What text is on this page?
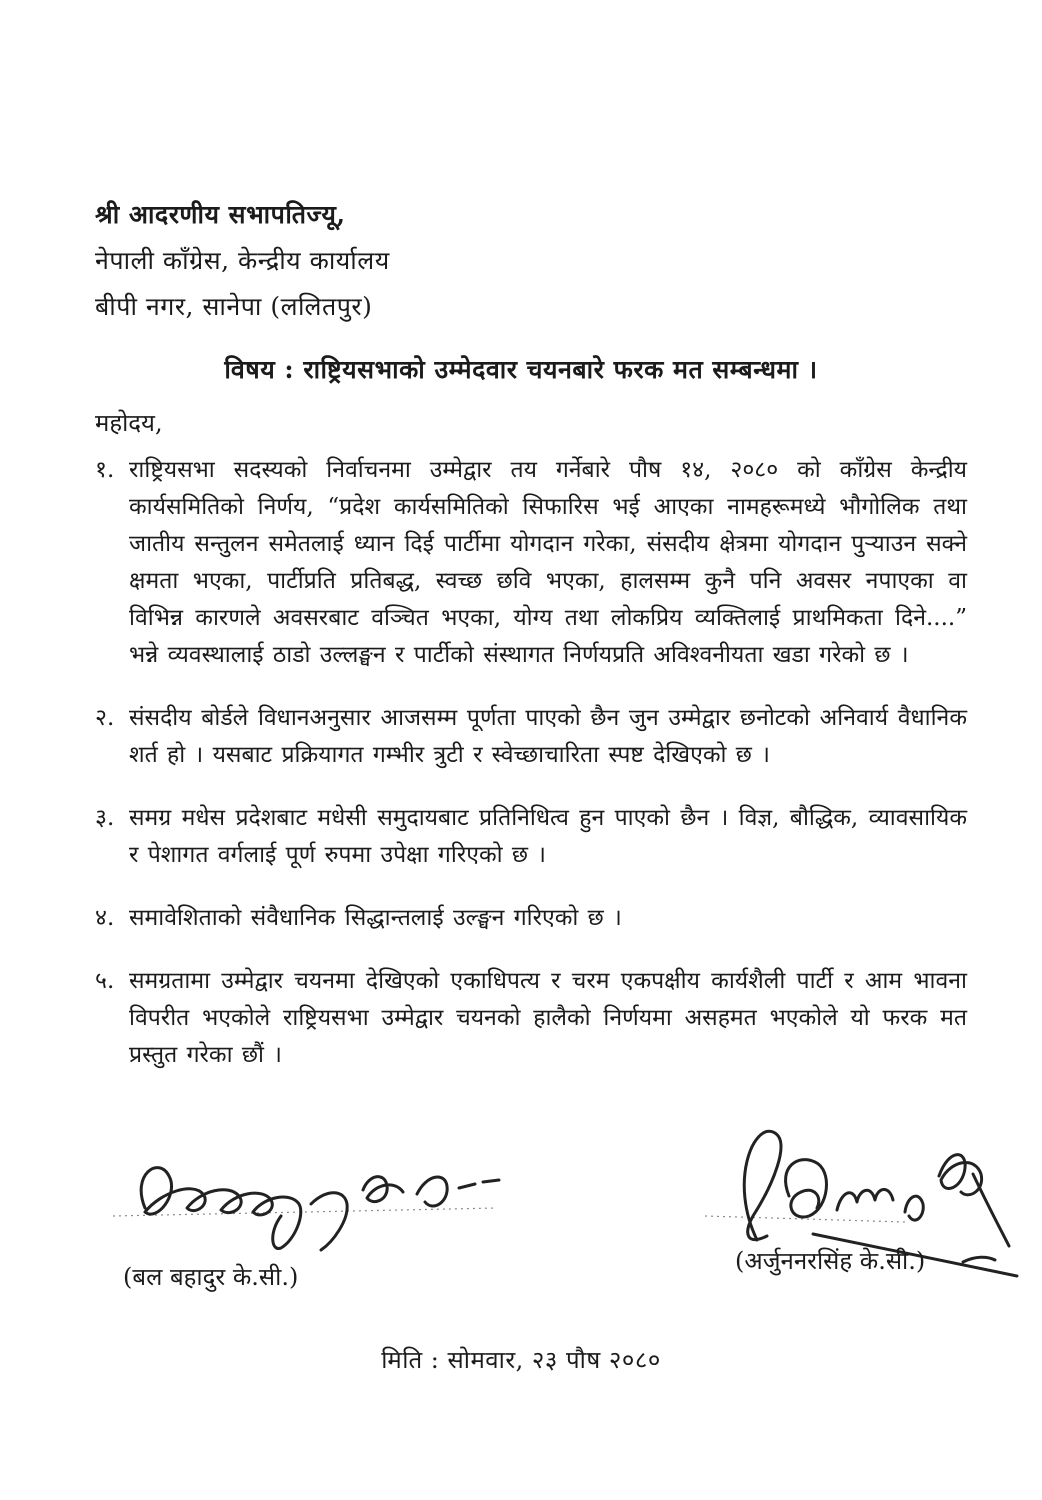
श्री आदरणीय सभापतिज्यू,
नेपाली काँग्रेस, केन्द्रीय कार्यालय
बीपी नगर, सानेपा (ललितपुर)
विषय : राष्ट्रियसभाको उम्मेदवार चयनबारे फरक मत सम्बन्धमा ।
महोदय,
१. राष्ट्रियसभा सदस्यको निर्वाचनमा उम्मेद्वार तय गर्नेबारे पौष १४, २०८० को काँग्रेस केन्द्रीय कार्यसमितिको निर्णय, “प्रदेश कार्यसमितिको सिफारिस भई आएका नामहरूमध्ये भौगोलिक तथा जातीय सन्तुलन समेतलाई ध्यान दिई पार्टीमा योगदान गरेका, संसदीय क्षेत्रमा योगदान पुर्‍याउन सक्ने क्षमता भएका, पार्टीप्रति प्रतिबद्ध, स्वच्छ छवि भएका, हालसम्म कुनै पनि अवसर नपाएका वा विभिन्न कारणले अवसरबाट वञ्चित भएका, योग्य तथा लोकप्रिय व्यक्तिलाई प्राथमिकता दिने....” भन्ने व्यवस्थालाई ठाडो उल्लङ्घन र पार्टीको संस्थागत निर्णयप्रति अविश्वनीयता खडा गरेको छ ।
२. संसदीय बोर्डले विधानअनुसार आजसम्म पूर्णता पाएको छैन जुन उम्मेद्वार छनोटको अनिवार्य वैधानिक शर्त हो । यसबाट प्रक्रियागत गम्भीर त्रुटी र स्वेच्छाचारिता स्पष्ट देखिएको छ ।
३. समग्र मधेस प्रदेशबाट मधेसी समुदायबाट प्रतिनिधित्व हुन पाएको छैन । विज्ञ, बौद्धिक, व्यावसायिक र पेशागत वर्गलाई पूर्ण रुपमा उपेक्षा गरिएको छ ।
४. समावेशिताको संवैधानिक सिद्धान्तलाई उल्ङ्घन गरिएको छ ।
५. समग्रतामा उम्मेद्वार चयनमा देखिएको एकाधिपत्य र चरम एकपक्षीय कार्यशैली पार्टी र आम भावना विपरीत भएकोले राष्ट्रियसभा उम्मेद्वार चयनको हालैको निर्णयमा असहमत भएकोले यो फरक मत प्रस्तुत गरेका छौं ।
(बल बहादुर के.सी.)
(अर्जुननरसिंह के.सी.)
मिति : सोमवार, २३ पौष २०८०
